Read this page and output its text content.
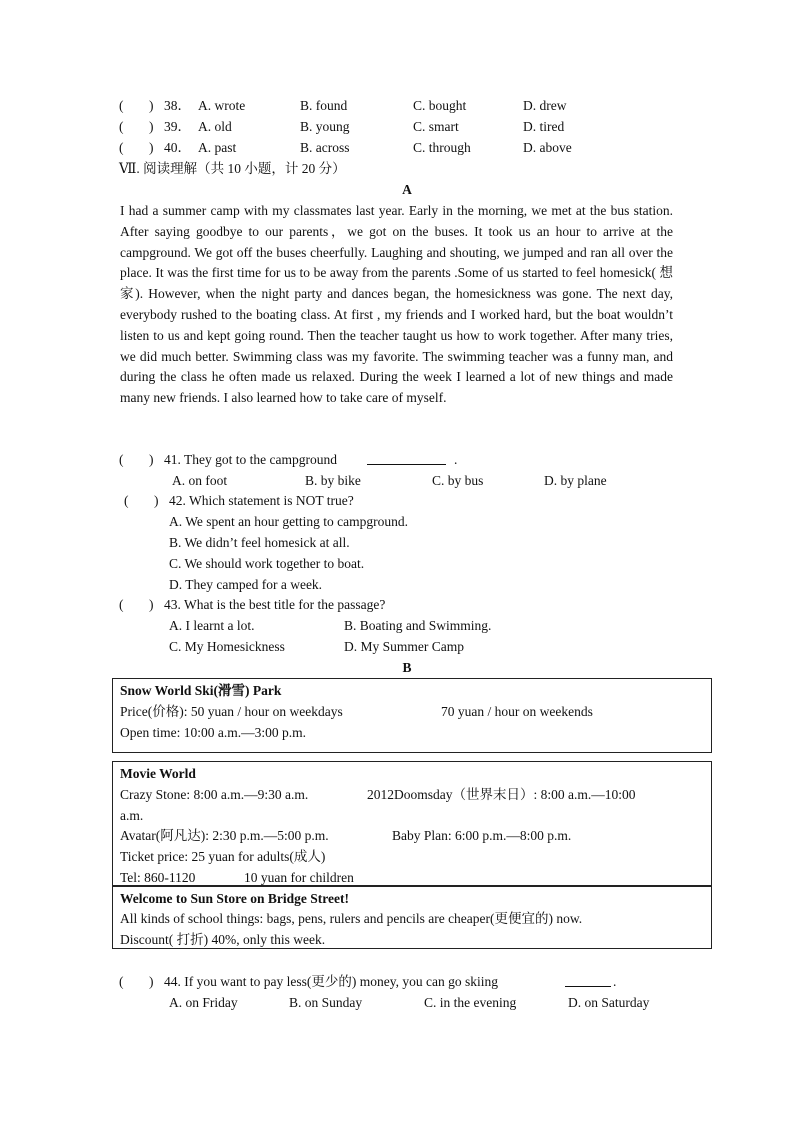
( ) 38． A. wrote	B. found	C. bought	D. drew
( ) 39． A. old	B. young	C. smart	D. tired
( ) 40． A. past	B. across	C. through	D. above
Ⅶ. 阅读理解（共 10 小题，计 20 分）
A
I had a summer camp with my classmates last year. Early in the morning, we met at the bus station. After saying goodbye to our parents，we got on the buses. It took us an hour to arrive at the campground. We got off the buses cheerfully. Laughing and shouting, we jumped and ran all over the place. It was the first time for us to be away from the parents .Some of us started to feel homesick( 想家). However, when the night party and dances began, the homesickness was gone. The next day, everybody rushed to the boating class. At first , my friends and I worked hard, but the boat wouldn’t listen to us and kept going round. Then the teacher taught us how to work together. After many tries, we did much better. Swimming class was my favorite. The swimming teacher was a funny man, and during the class he often made us relaxed. During the week I learned a lot of new things and made many new friends. I also learned how to take care of myself.
( ) 41. They got to the campground	.
A. on foot	B. by bike	C. by bus	D. by plane
( ) 42. Which statement is NOT true?
A. We spent an hour getting to campground.
B. We didn’t feel homesick at all.
C. We should work together to boat.
D. They camped for a week.
( ) 43. What is the best title for the passage?
A. I learnt a lot.	B. Boating and Swimming.
C. My Homesickness	D. My Summer Camp
B
Snow World Ski(滑雪) Park
Price(价格): 50 yuan / hour on weekdays	70 yuan / hour on weekends
Open time: 10:00 a.m.—3:00 p.m.
Movie World
Crazy Stone: 8:00 a.m.—9:30 a.m.	2012Doomsday（世界末日）: 8:00 a.m.—10:00
a.m.
Avatar(阿凡达): 2:30 p.m.—5:00 p.m.	Baby Plan: 6:00 p.m.—8:00 p.m.
Ticket price: 25 yuan for adults(成人)
Tel: 860-1120	10 yuan for children
Welcome to Sun Store on Bridge Street!
All kinds of school things: bags, pens, rulers and pencils are cheaper(更便宜的) now.
Discount( 打折) 40%, only this week.
( ) 44. If you want to pay less(更少的) money, you can go skiing	.
A. on Friday	B. on Sunday	C. in the evening	D. on Saturday
